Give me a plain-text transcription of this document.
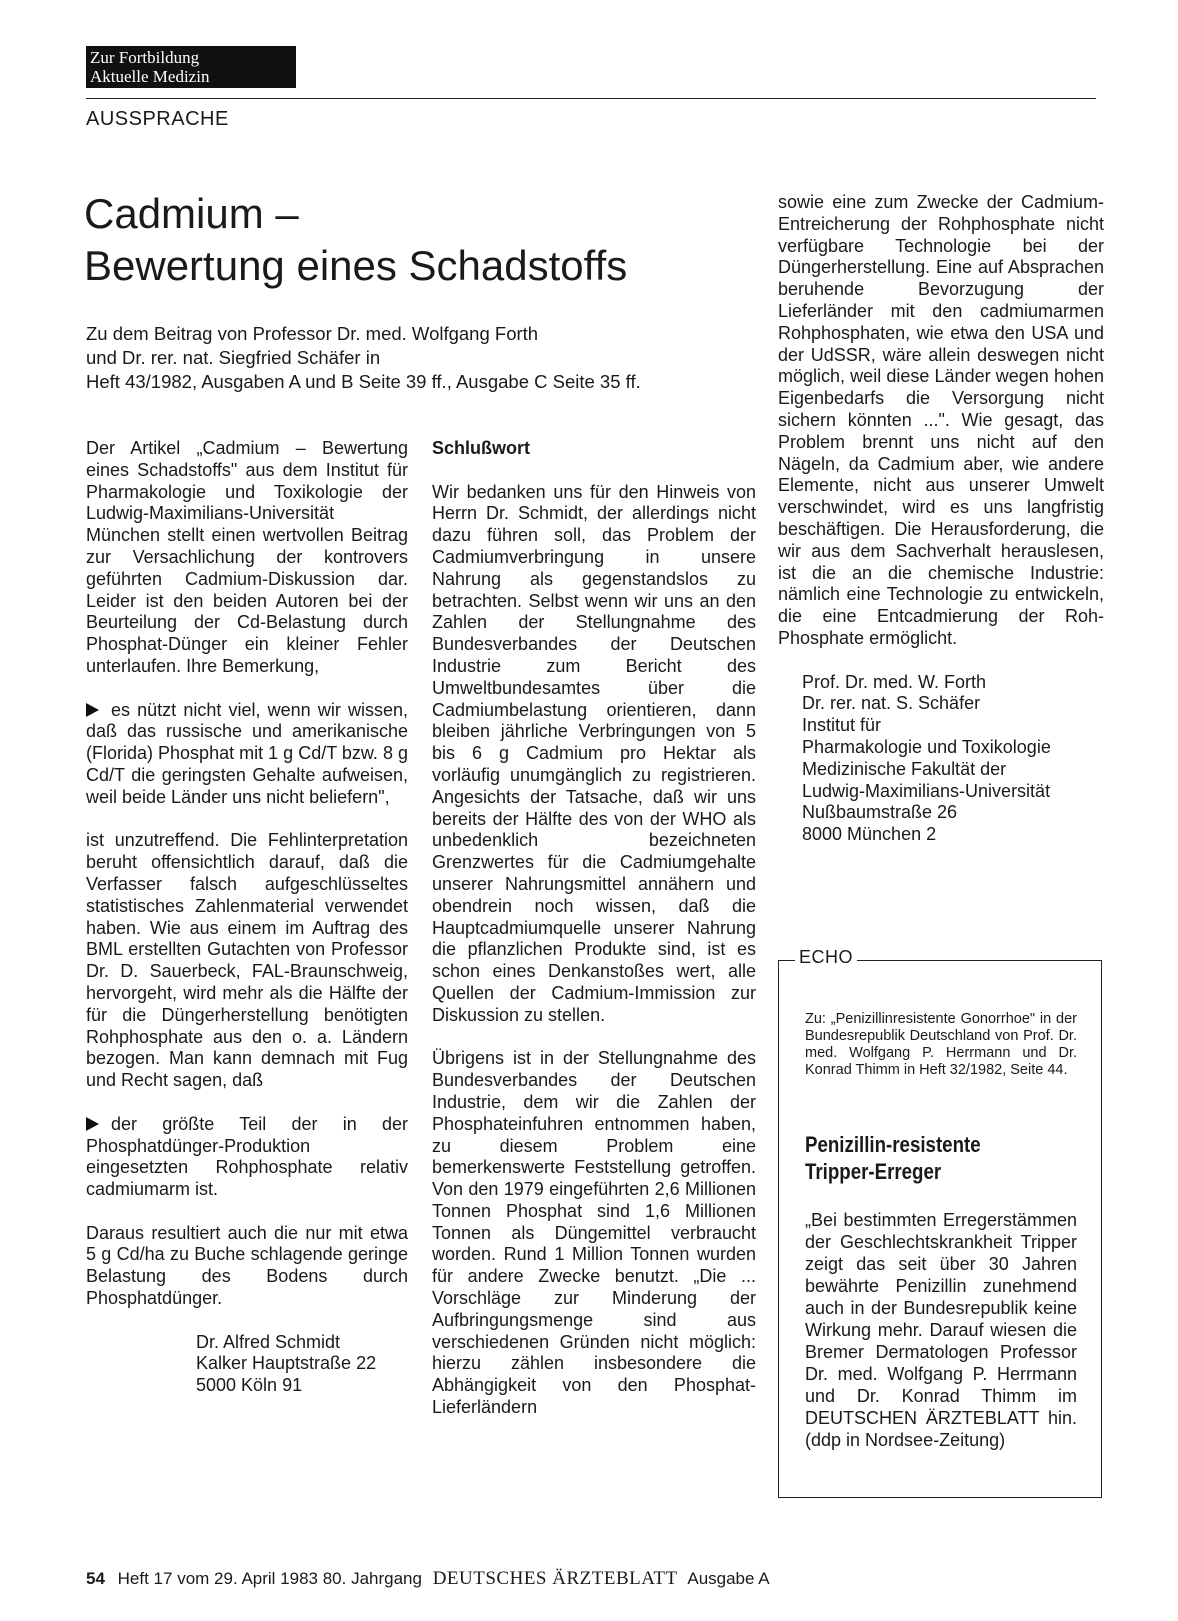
Zur Fortbildung
Aktuelle Medizin
AUSSPRACHE
Cadmium –
Bewertung eines Schadstoffs
Zu dem Beitrag von Professor Dr. med. Wolfgang Forth
und Dr. rer. nat. Siegfried Schäfer in
Heft 43/1982, Ausgaben A und B Seite 39 ff., Ausgabe C Seite 35 ff.

Der Artikel „Cadmium – Bewertung eines Schadstoffs" aus dem Institut für Pharmakologie und Toxikologie der Ludwig-Maximilians-Universität München stellt einen wertvollen Beitrag zur Versachlichung der kontrovers geführten Cadmium-Diskussion dar. Leider ist den beiden Autoren bei der Beurteilung der Cd-Belastung durch Phosphat-Dünger ein kleiner Fehler unterlaufen. Ihre Bemerkung,

es nützt nicht viel, wenn wir wissen, daß das russische und amerikanische (Florida) Phosphat mit 1 g Cd/T bzw. 8 g Cd/T die geringsten Gehalte aufweisen, weil beide Länder uns nicht beliefern",

ist unzutreffend. Die Fehlinterpretation beruht offensichtlich darauf, daß die Verfasser falsch aufgeschlüsseltes statistisches Zahlenmaterial verwendet haben. Wie aus einem im Auftrag des BML erstellten Gutachten von Professor Dr. D. Sauerbeck, FAL-Braunschweig, hervorgeht, wird mehr als die Hälfte der für die Düngerherstellung benötigten Rohphosphate aus den o. a. Ländern bezogen. Man kann demnach mit Fug und Recht sagen, daß

der größte Teil der in der Phosphatdünger-Produktion eingesetzten Rohphosphate relativ cadmiumarm ist.

Daraus resultiert auch die nur mit etwa 5 g Cd/ha zu Buche schlagende geringe Belastung des Bodens durch Phosphatdünger.

Dr. Alfred Schmidt
Kalker Hauptstraße 22
5000 Köln 91
Schlußwort

Wir bedanken uns für den Hinweis von Herrn Dr. Schmidt, der allerdings nicht dazu führen soll, das Problem der Cadmiumverbringung in unsere Nahrung als gegenstandslos zu betrachten. Selbst wenn wir uns an den Zahlen der Stellungnahme des Bundesverbandes der Deutschen Industrie zum Bericht des Umweltbundesamtes über die Cadmiumbelastung orientieren, dann bleiben jährliche Verbringungen von 5 bis 6 g Cadmium pro Hektar als vorläufig unumgänglich zu registrieren. Angesichts der Tatsache, daß wir uns bereits der Hälfte des von der WHO als unbedenklich bezeichneten Grenzwertes für die Cadmiumgehalte unserer Nahrungsmittel annähern und obendrein noch wissen, daß die Hauptcadmiumquelle unserer Nahrung die pflanzlichen Produkte sind, ist es schon eines Denkanstoßes wert, alle Quellen der Cadmium-Immission zur Diskussion zu stellen.

Übrigens ist in der Stellungnahme des Bundesverbandes der Deutschen Industrie, dem wir die Zahlen der Phosphateinfuhren entnommen haben, zu diesem Problem eine bemerkenswerte Feststellung getroffen. Von den 1979 eingeführten 2,6 Millionen Tonnen Phosphat sind 1,6 Millionen Tonnen als Düngemittel verbraucht worden. Rund 1 Million Tonnen wurden für andere Zwecke benutzt. „Die ... Vorschläge zur Minderung der Aufbringungsmenge sind aus verschiedenen Gründen nicht möglich: hierzu zählen insbesondere die Abhängigkeit von den Phosphat-Lieferländern

sowie eine zum Zwecke der Cadmium-Entreicherung der Rohphosphate nicht verfügbare Technologie bei der Düngerherstellung. Eine auf Absprachen beruhende Bevorzugung der Lieferländer mit den cadmiumarmen Rohphosphaten, wie etwa den USA und der UdSSR, wäre allein deswegen nicht möglich, weil diese Länder wegen hohen Eigenbedarfs die Versorgung nicht sichern könnten ...". Wie gesagt, das Problem brennt uns nicht auf den Nägeln, da Cadmium aber, wie andere Elemente, nicht aus unserer Umwelt verschwindet, wird es uns langfristig beschäftigen. Die Herausforderung, die wir aus dem Sachverhalt herauslesen, ist die an die chemische Industrie: nämlich eine Technologie zu entwickeln, die eine Entcadmierung der Roh-Phosphate ermöglicht.

Prof. Dr. med. W. Forth
Dr. rer. nat. S. Schäfer
Institut für
Pharmakologie und Toxikologie
Medizinische Fakultät der
Ludwig-Maximilians-Universität
Nußbaumstraße 26
8000 München 2
ECHO
Zu: „Penizillinresistente Gonorrhoe" in der Bundesrepublik Deutschland von Prof. Dr. med. Wolfgang P. Herrmann und Dr. Konrad Thimm in Heft 32/1982, Seite 44.
Penizillin-resistente
Tripper-Erreger
„Bei bestimmten Erregerstämmen der Geschlechtskrankheit Tripper zeigt das seit über 30 Jahren bewährte Penizillin zunehmend auch in der Bundesrepublik keine Wirkung mehr. Darauf wiesen die Bremer Dermatologen Professor Dr. med. Wolfgang P. Herrmann und Dr. Konrad Thimm im DEUTSCHEN ÄRZTEBLATT hin. (ddp in Nordsee-Zeitung)
54 Heft 17 vom 29. April 1983 80. Jahrgang DEUTSCHES ÄRZTEBLATT Ausgabe A
